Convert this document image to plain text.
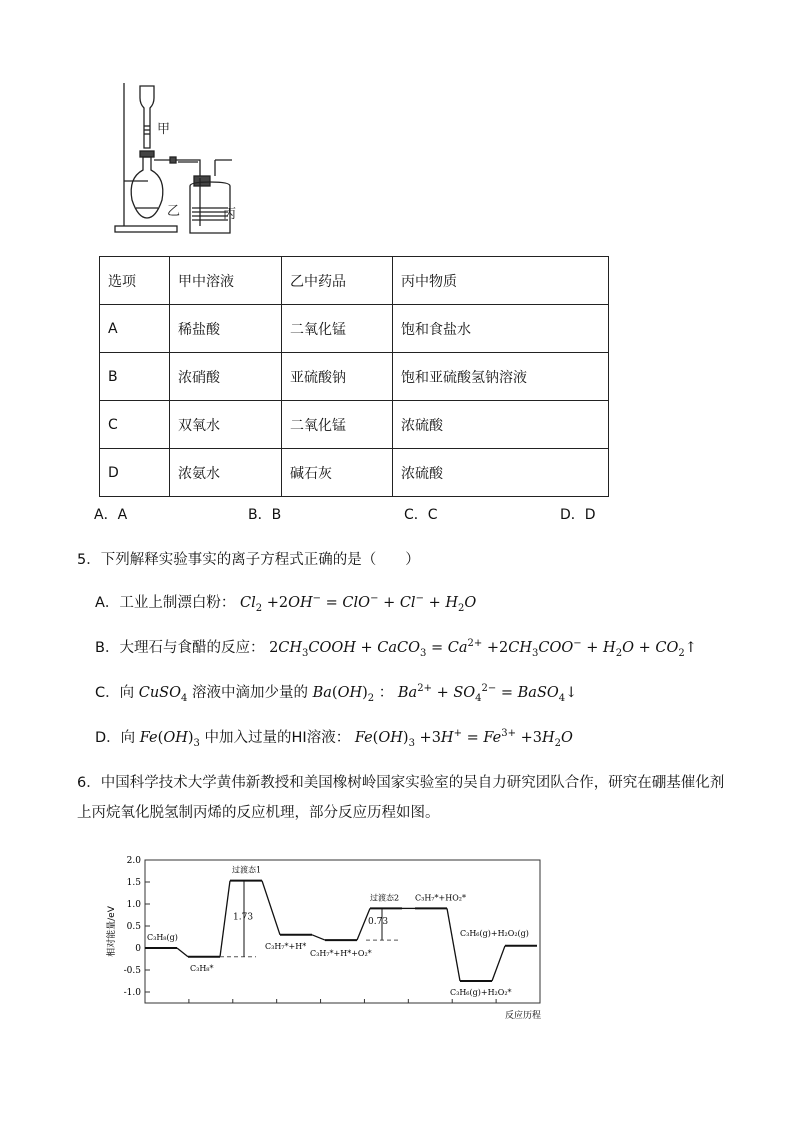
甲
乙	丙
选项	甲中溶液	乙中药品	丙中物质
A	稀盐酸	二氧化锰	饱和食盐水
B	浓硝酸	亚硫酸钠	饱和亚硫酸氢钠溶液
C	双氧水	二氧化锰	浓硫酸
D	浓氨水	碱石灰	浓硫酸
A．A	B．B	C．C	D．D
5．下列解释实验事实的离子方程式正确的是（　　）
A．工业上制漂白粉： $Cl_2 +2OH^- = ClO^- + Cl^- + H_2O$
B．大理石与食醋的反应： $2CH_3COOH$ + CaCO$_3$ = $Ca^{2+} +2CH_3COO^- + H_2O$ + $CO_2↑$
C．向 CuSO$_4$ 溶液中滴加少量的 $Ba(OH)_2$ ： $Ba^{2+} + SO_4^{2-}$ = BaSO$_4$↓
D．向 $Fe(OH)_3$ 中加入过量的HI溶液： $Fe(OH)_3 +3H^+ = Fe^{3+} +3H_2O$
6．中国科学技术大学黄伟新教授和美国橡树岭国家实验室的吴自力研究团队合作，研究在硼基催化剂
上丙烷氧化脱氢制丙烯的反应机理，部分反应历程如图。
2.0
1.5
1.0
0.5
0
-0.5
-1.0
相对能量/eV
反应历程
C₃H₈(g)
C₃H₈*
过渡态1
C₃H₇*+H*
C₃H₇*+H*+O₂*
过渡态2 C₃H₇*+HO₂*
C₃H₆(g)+H₂O₂*
C₃H₆(g)+H₂O₂(g)
1.73	0.73
